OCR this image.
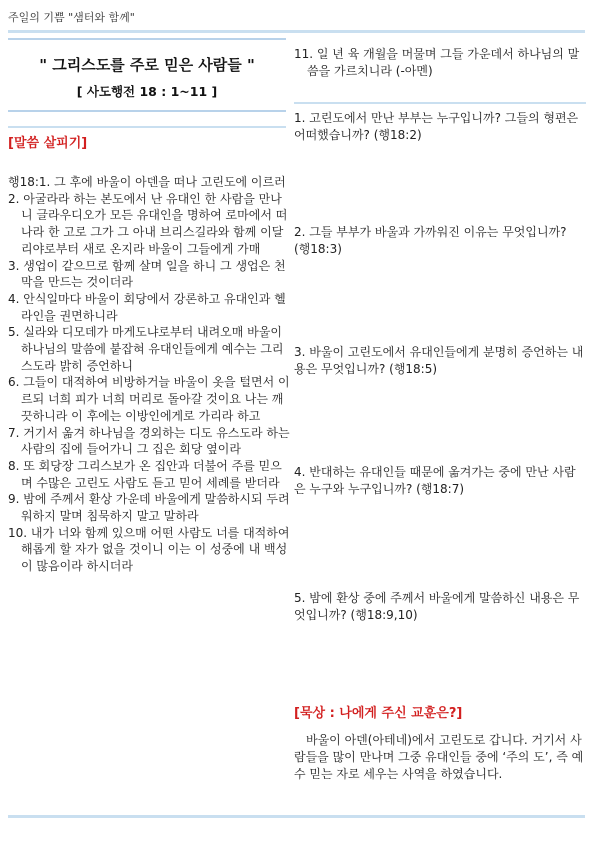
주일의 기쁨 "샘터와 함께"
" 그리스도를 주로 믿은 사람들 "
[ 사도행전 18 : 1~11 ]
[말씀 살피기]
행18:1. 그 후에 바울이 아덴을 떠나 고린도에 이르러
2. 아굴라라 하는 본도에서 난 유대인 한 사람을 만나니 글라우디오가 모든 유대인을 명하여 로마에서 떠나라 한 고로 그가 그 아내 브리스길라와 함께 이달리야로부터 새로 온지라 바울이 그들에게 가매
3. 생업이 같으므로 함께 살며 일을 하니 그 생업은 천막을 만드는 것이더라
4. 안식일마다 바울이 회당에서 강론하고 유대인과 헬라인을 권면하니라
5. 실라와 디모데가 마게도냐로부터 내려오매 바울이 하나님의 말씀에 붙잡혀 유대인들에게 예수는 그리스도라 밝히 증언하니
6. 그들이 대적하여 비방하거늘 바울이 옷을 털면서 이르되 너희 피가 너희 머리로 돌아갈 것이요 나는 깨끗하니라 이 후에는 이방인에게로 가리라 하고
7. 거기서 옮겨 하나님을 경외하는 디도 유스도라 하는 사람의 집에 들어가니 그 집은 회당 옆이라
8. 또 회당장 그리스보가 온 집안과 더불어 주를 믿으며 수많은 고린도 사람도 듣고 믿어 세례를 받더라
9. 밤에 주께서 환상 가운데 바울에게 말씀하시되 두려워하지 말며 침묵하지 말고 말하라
10. 내가 너와 함께 있으매 어떤 사람도 너를 대적하여 해롭게 할 자가 없을 것이니 이는 이 성중에 내 백성이 많음이라 하시더라
11. 일 년 육 개월을 머물며 그들 가운데서 하나님의 말씀을 가르치니라 (-아멘)
1. 고린도에서 만난 부부는 누구입니까? 그들의 형편은 어떠했습니까? (행18:2)
2. 그들 부부가 바울과 가까워진 이유는 무엇입니까? (행18:3)
3. 바울이 고린도에서 유대인들에게 분명히 증언하는 내용은 무엇입니까? (행18:5)
4. 반대하는 유대인들 때문에 옮겨가는 중에 만난 사람은 누구와 누구입니까? (행18:7)
5. 밤에 환상 중에 주께서 바울에게 말씀하신 내용은 무엇입니까? (행18:9,10)
[묵상 : 나에게 주신 교훈은?]
바울이 아덴(아테네)에서 고린도로 갑니다. 거기서 사람들을 많이 만나며 그중 유대인들 중에 ‘주의 도’, 즉 예수 믿는 자로 세우는 사역을 하였습니다.
